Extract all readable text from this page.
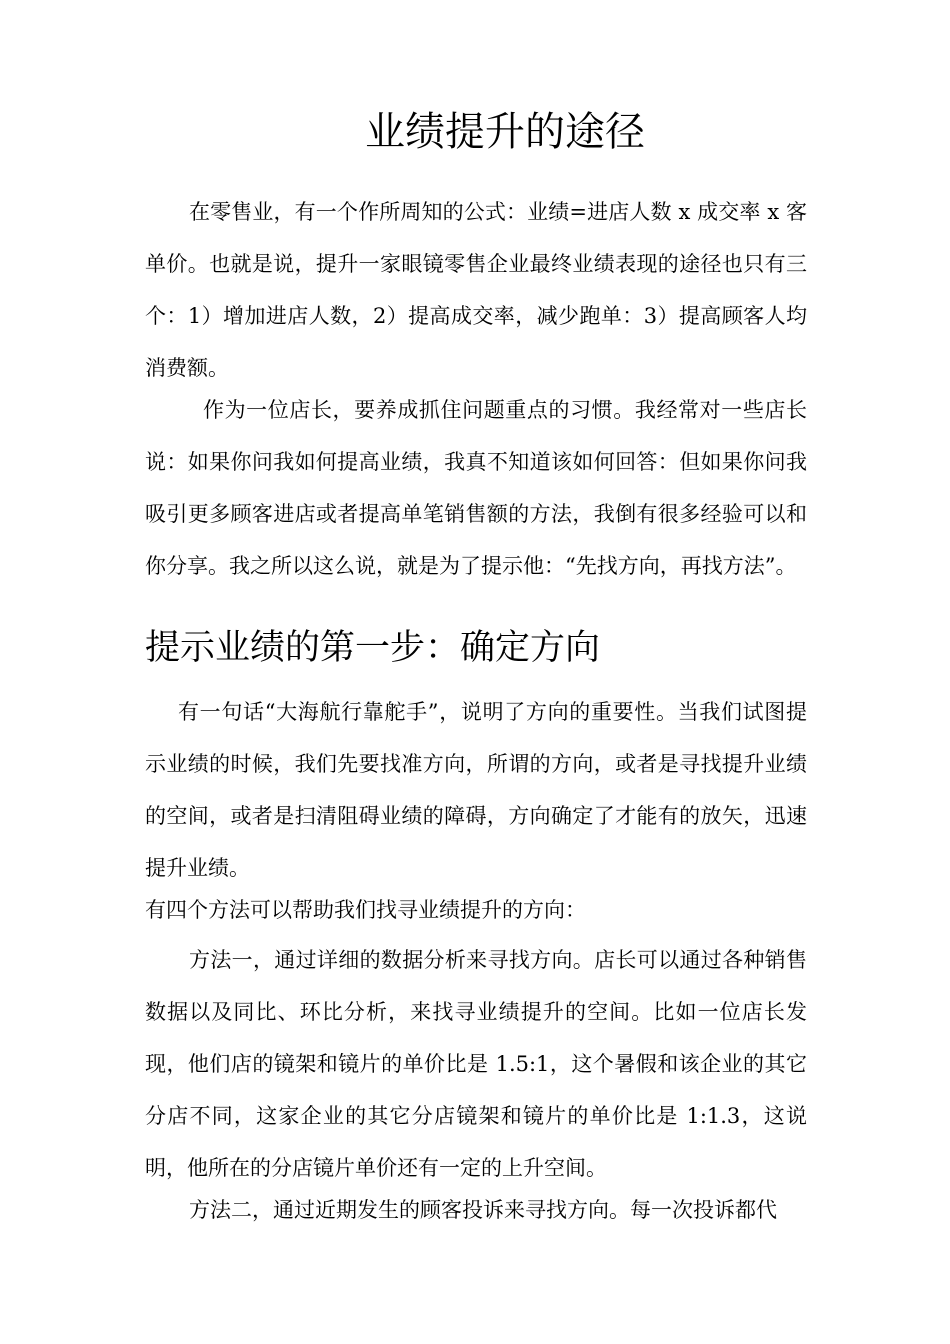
业绩提升的途径

在零售业，有一个作所周知的公式：业绩=进店人数 x 成交率 x 客单价。也就是说，提升一家眼镜零售企业最终业绩表现的途径也只有三个：1）增加进店人数，2）提高成交率，减少跑单：3）提高顾客人均消费额。

作为一位店长，要养成抓住问题重点的习惯。我经常对一些店长说：如果你问我如何提高业绩，我真不知道该如何回答：但如果你问我吸引更多顾客进店或者提高单笔销售额的方法，我倒有很多经验可以和你分享。我之所以这么说，就是为了提示他：“先找方向，再找方法”。

提示业绩的第一步：确定方向

有一句话“大海航行靠舵手”，说明了方向的重要性。当我们试图提示业绩的时候，我们先要找准方向，所谓的方向，或者是寻找提升业绩的空间，或者是扫清阻碍业绩的障碍，方向确定了才能有的放矢，迅速提升业绩。

有四个方法可以帮助我们找寻业绩提升的方向：

方法一，通过详细的数据分析来寻找方向。店长可以通过各种销售数据以及同比、环比分析，来找寻业绩提升的空间。比如一位店长发现，他们店的镜架和镜片的单价比是 1.5:1，这个暑假和该企业的其它分店不同，这家企业的其它分店镜架和镜片的单价比是 1:1.3，这说明，他所在的分店镜片单价还有一定的上升空间。

方法二，通过近期发生的顾客投诉来寻找方向。每一次投诉都代
